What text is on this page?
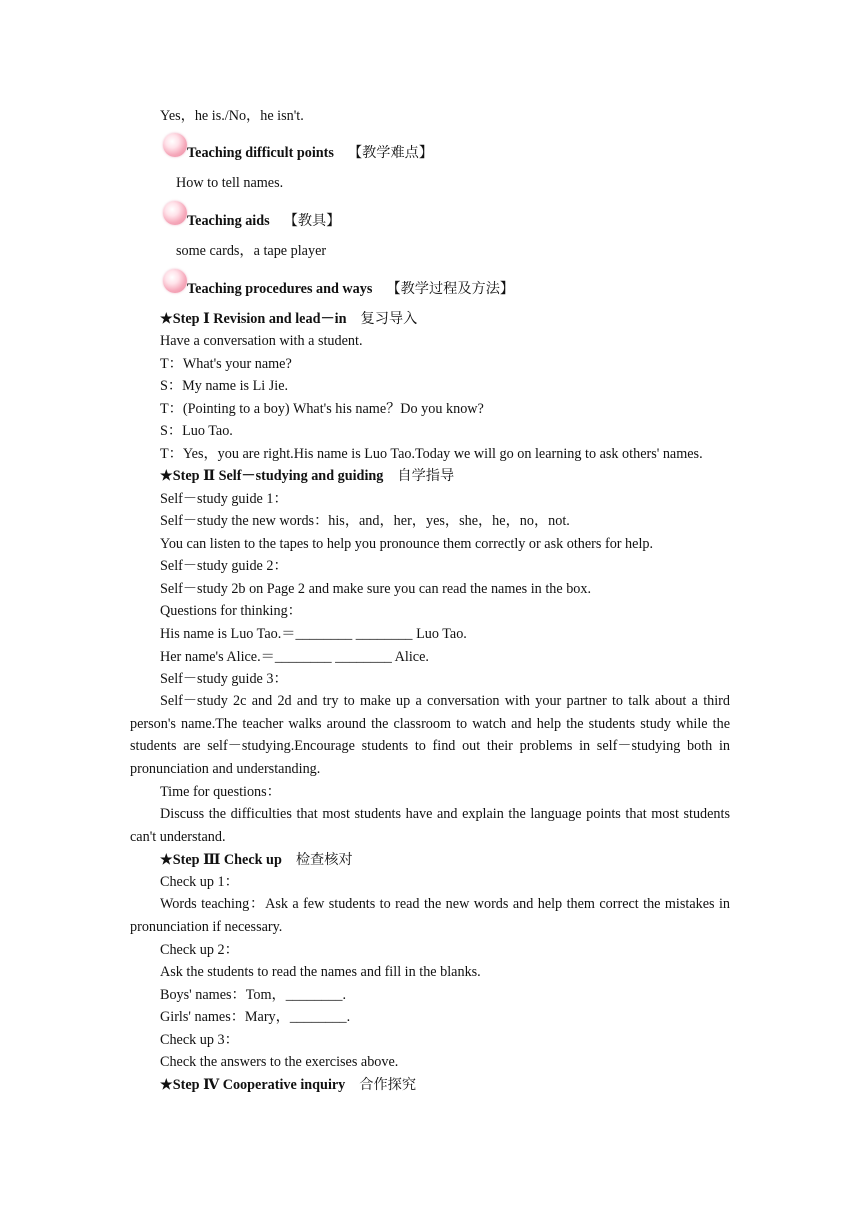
Yes，he is./No，he isn't.
Teaching difficult points 【教学难点】
How to tell names.
Teaching aids 【教具】
some cards，a tape player
Teaching procedures and ways 【教学过程及方法】
★Step Ⅰ Revision and lead－in 复习导入
Have a conversation with a student.
T：What's your name?
S：My name is Li Jie.
T：(Pointing to a boy) What's his name？Do you know?
S：Luo Tao.
T：Yes，you are right.His name is Luo Tao.Today we will go on learning to ask others' names.
★Step Ⅱ Self－studying and guiding 自学指导
Self－study guide 1：
Self－study the new words：his，and，her，yes，she，he，no，not.
You can listen to the tapes to help you pronounce them correctly or ask others for help.
Self－study guide 2：
Self－study 2b on Page 2 and make sure you can read the names in the box.
Questions for thinking：
His name is Luo Tao.＝________ ________ Luo Tao.
Her name's Alice.＝________ ________ Alice.
Self－study guide 3：
Self－study 2c and 2d and try to make up a conversation with your partner to talk about a third person's name.The teacher walks around the classroom to watch and help the students study while the students are self－studying.Encourage students to find out their problems in self－studying both in pronunciation and understanding.
Time for questions：
Discuss the difficulties that most students have and explain the language points that most students can't understand.
★Step Ⅲ Check up 检查核对
Check up 1：
Words teaching：Ask a few students to read the new words and help them correct the mistakes in pronunciation if necessary.
Check up 2：
Ask the students to read the names and fill in the blanks.
Boys' names：Tom，________.
Girls' names：Mary，________.
Check up 3：
Check the answers to the exercises above.
★Step Ⅳ Cooperative inquiry 合作探究
